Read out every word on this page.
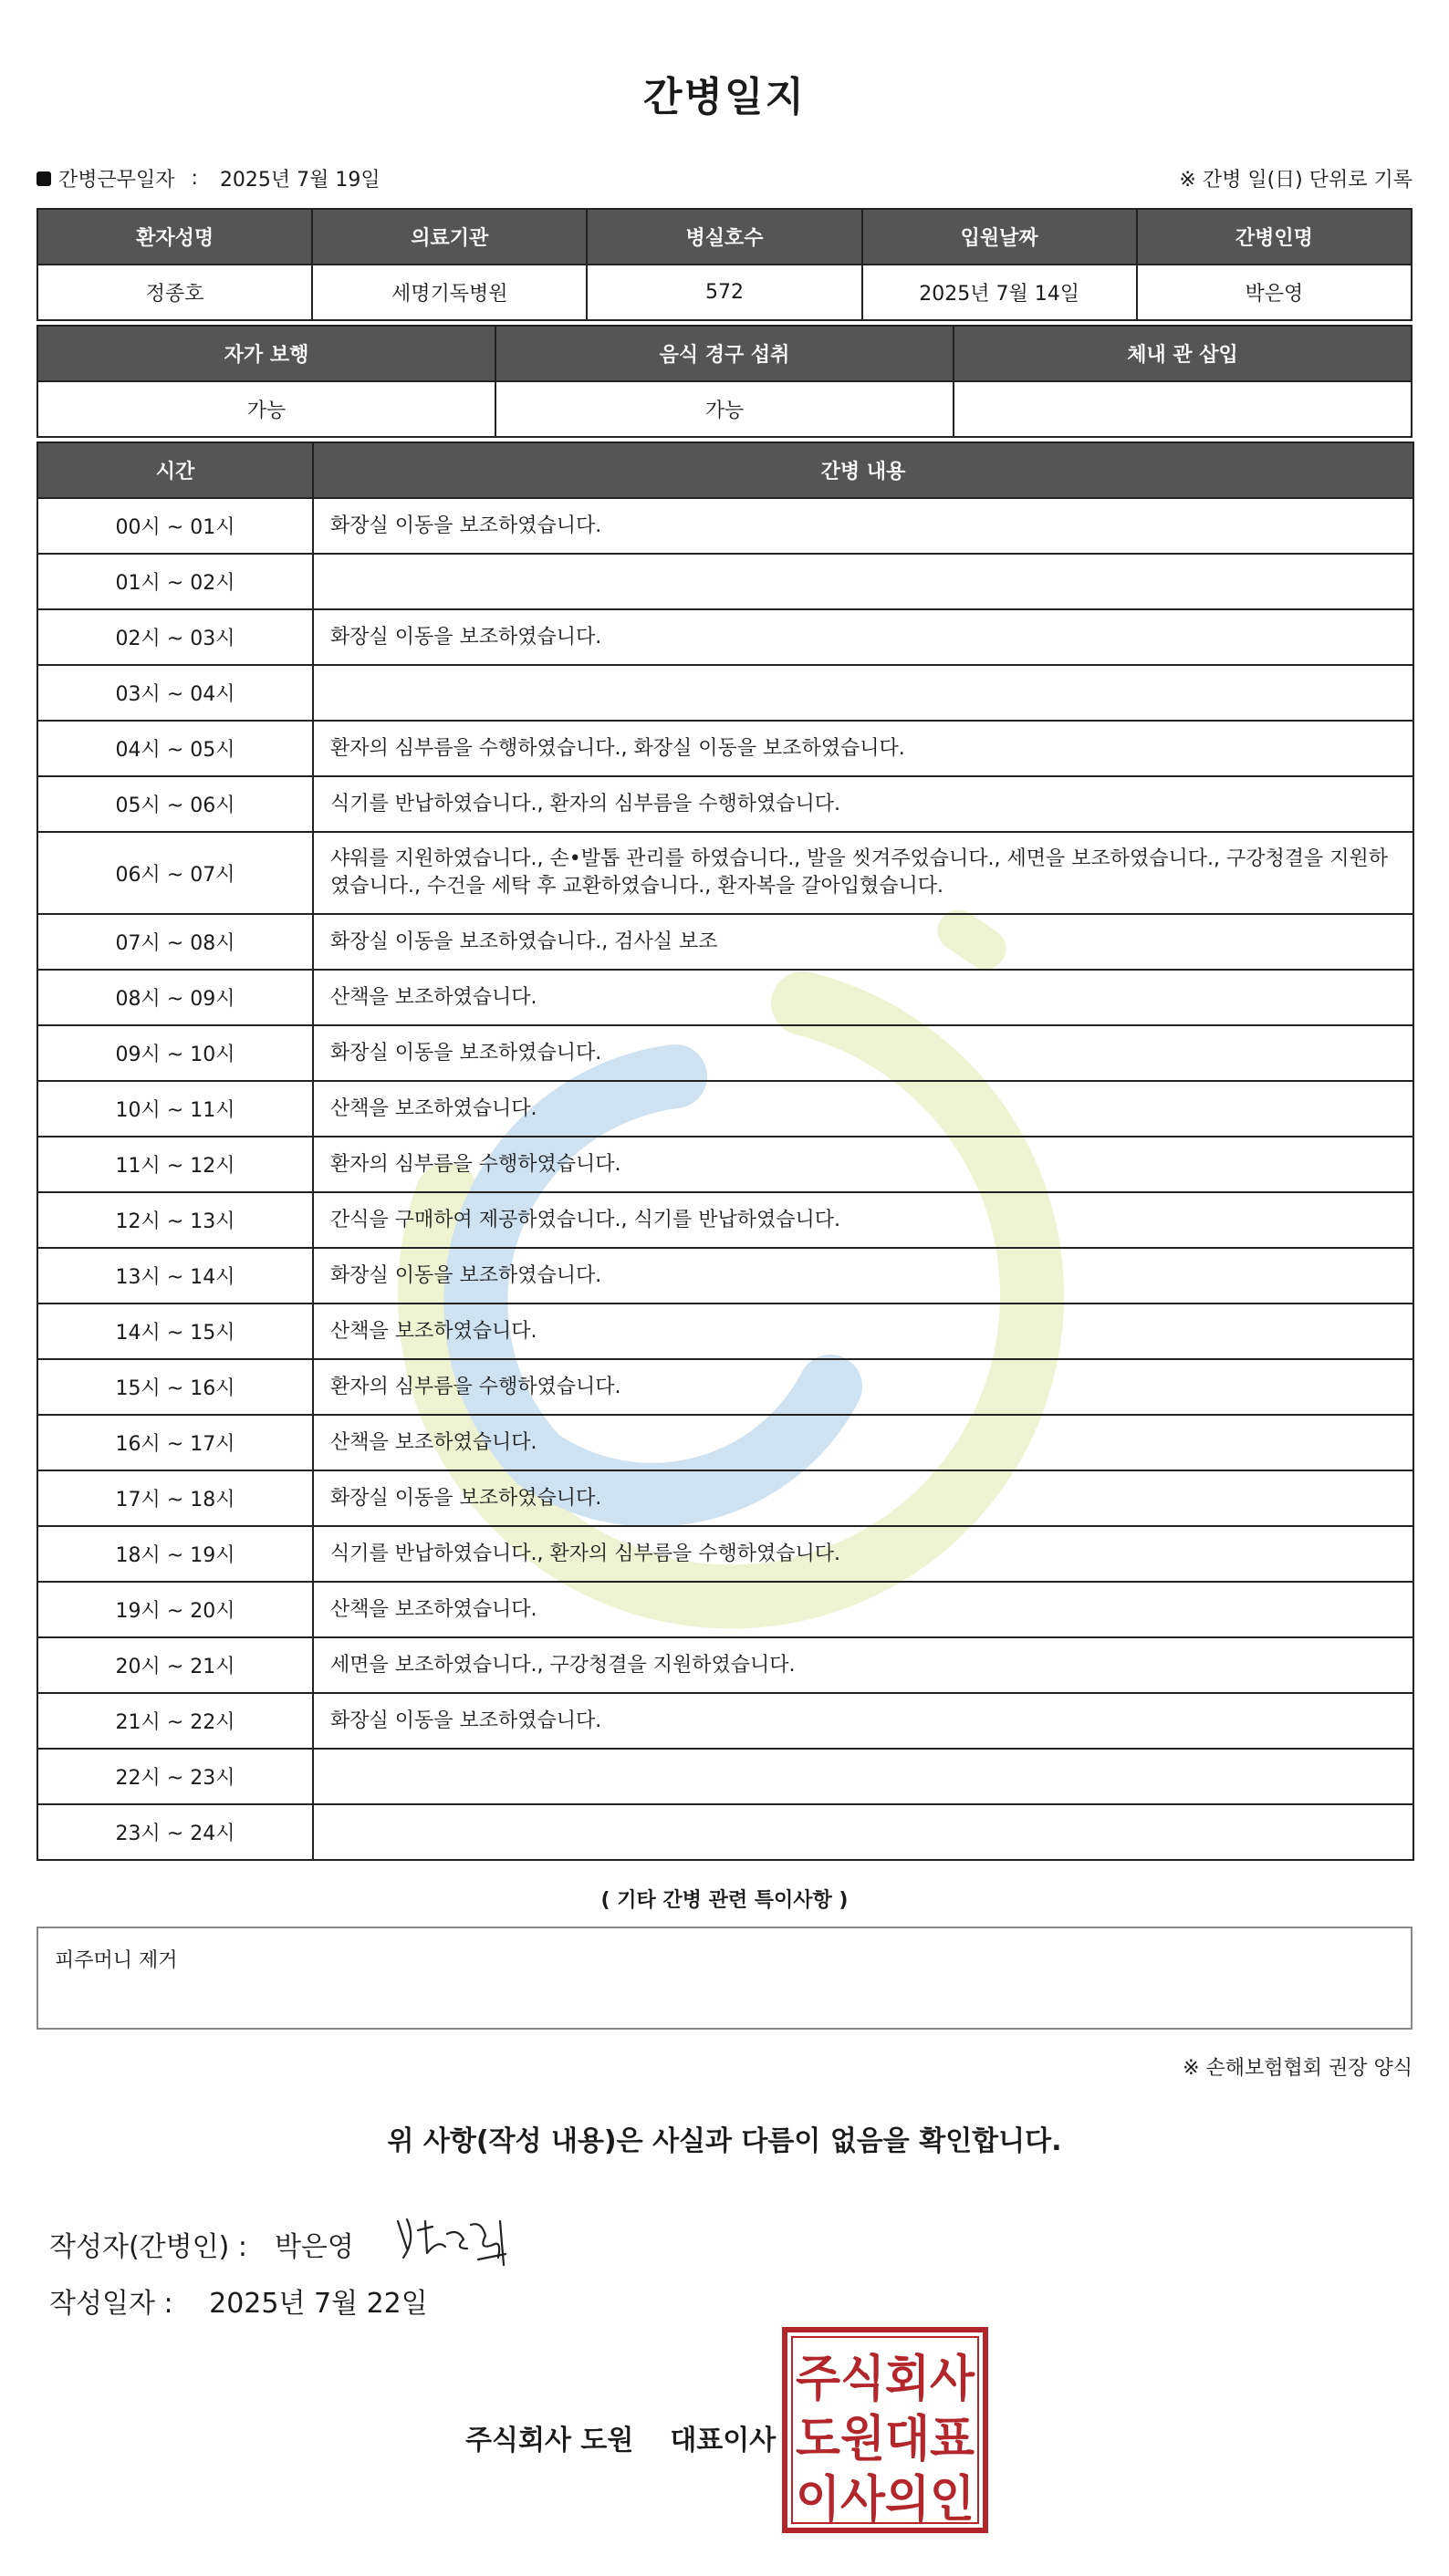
간병일지
간병근무일자 : 2025년 7월 19일	※ 간병 일(日) 단위로 기록
환자성명	의료기관	병실호수	입원날짜	간병인명
정종호	세명기독병원	572	2025년 7월 14일	박은영
자가 보행	음식 경구 섭취	체내 관 삽입
가능	가능	
시간	간병 내용
00시 ~ 01시	화장실 이동을 보조하였습니다.
01시 ~ 02시	
02시 ~ 03시	화장실 이동을 보조하였습니다.
03시 ~ 04시	
04시 ~ 05시	환자의 심부름을 수행하였습니다., 화장실 이동을 보조하였습니다.
05시 ~ 06시	식기를 반납하였습니다., 환자의 심부름을 수행하였습니다.
06시 ~ 07시	샤워를 지원하였습니다., 손•발톱 관리를 하였습니다., 발을 씻겨주었습니다., 세면을 보조하였습니다., 구강청결을 지원하였습니다., 수건을 세탁 후 교환하였습니다., 환자복을 갈아입혔습니다.
07시 ~ 08시	화장실 이동을 보조하였습니다., 검사실 보조
08시 ~ 09시	산책을 보조하였습니다.
09시 ~ 10시	화장실 이동을 보조하였습니다.
10시 ~ 11시	산책을 보조하였습니다.
11시 ~ 12시	환자의 심부름을 수행하였습니다.
12시 ~ 13시	간식을 구매하여 제공하였습니다., 식기를 반납하였습니다.
13시 ~ 14시	화장실 이동을 보조하였습니다.
14시 ~ 15시	산책을 보조하였습니다.
15시 ~ 16시	환자의 심부름을 수행하였습니다.
16시 ~ 17시	산책을 보조하였습니다.
17시 ~ 18시	화장실 이동을 보조하였습니다.
18시 ~ 19시	식기를 반납하였습니다., 환자의 심부름을 수행하였습니다.
19시 ~ 20시	산책을 보조하였습니다.
20시 ~ 21시	세면을 보조하였습니다., 구강청결을 지원하였습니다.
21시 ~ 22시	화장실 이동을 보조하였습니다.
22시 ~ 23시	
23시 ~ 24시	
( 기타 간병 관련 특이사항 )
피주머니 제거
※ 손해보험협회 권장 양식
위 사항(작성 내용)은 사실과 다름이 없음을 확인합니다.
작성자(간병인) : 박은영
작성일자 : 2025년 7월 22일
주식회사 도원 대표이사
주식회사
도원대표
이사의인
